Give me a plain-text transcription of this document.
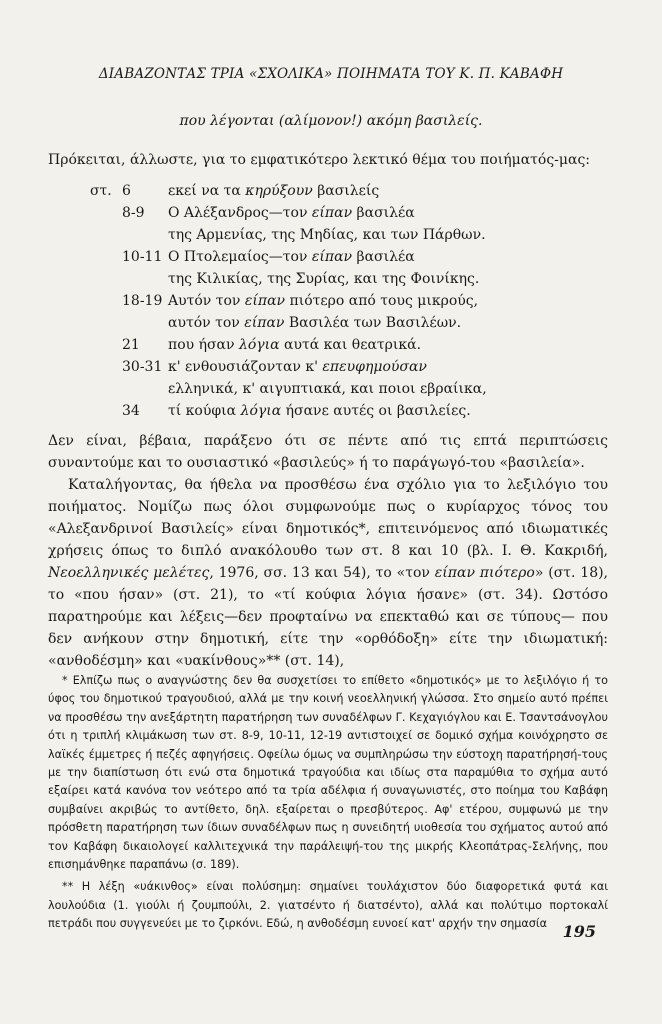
ΔΙΑΒΑΖΟΝΤΑΣ ΤΡΙΑ «ΣΧΟΛΙΚΑ» ΠΟΙΗΜΑΤΑ ΤΟΥ Κ. Π. ΚΑΒΑΦΗ
που λέγονται (αλίμονον!) ακόμη βασιλείς.
Πρόκειται, άλλωστε, για το εμφατικότερο λεκτικό θέμα του ποιήματός-μας:
στ. 6	εκεί να τα κηρύξουν βασιλείς
8-9	Ο Αλέξανδρος—τον είπαν βασιλέα
της Αρμενίας, της Μηδίας, και των Πάρθων.
10-11 Ο Πτολεμαίος—τον είπαν βασιλέα
της Κιλικίας, της Συρίας, και της Φοινίκης.
18-19 Αυτόν τον είπαν πιότερο από τους μικρούς,
αυτόν τον είπαν Βασιλέα των Βασιλέων.
21	που ήσαν λόγια αυτά και θεατρικά.
30-31 κ' ενθουσιάζονταν κ' επευφημούσαν
ελληνικά, κ' αιγυπτιακά, και ποιοι εβραίικα,
34	τί κούφια λόγια ήσανε αυτές οι βασιλείες.

Δεν είναι, βέβαια, παράξενο ότι σε πέντε από τις επτά περιπτώσεις συναντούμε και το ουσιαστικό «βασιλεύς» ή το παράγωγό-του «βασιλεία».

Καταλήγοντας, θα ήθελα να προσθέσω ένα σχόλιο για το λεξιλόγιο του ποιήματος. Νομίζω πως όλοι συμφωνούμε πως ο κυρίαρχος τόνος του «Αλεξανδρινοί Βασιλείς» είναι δημοτικός*, επιτεινόμενος από ιδιωματικές χρήσεις όπως το διπλό ανακόλουθο των στ. 8 και 10 (βλ. Ι. Θ. Κακριδή, Νεοελληνικές μελέτες, 1976, σσ. 13 και 54), το «τον είπαν πιότερο» (στ. 18), το «που ήσαν» (στ. 21), το «τί κούφια λόγια ήσανε» (στ. 34). Ωστόσο παρατηρούμε και λέξεις—δεν προφταίνω να επεκταθώ και σε τύπους— που δεν ανήκουν στην δημοτική, είτε την «ορθόδοξη» είτε την ιδιωματική: «ανθοδέσμη» και «υακίνθους»** (στ. 14),

* Ελπίζω πως ο αναγνώστης δεν θα συσχετίσει το επίθετο «δημοτικός» με το λεξιλόγιο ή το ύφος του δημοτικού τραγουδιού, αλλά με την κοινή νεοελληνική γλώσσα. Στο σημείο αυτό πρέπει να προσθέσω την ανεξάρτητη παρατήρηση των συναδέλφων Γ. Κεχαγιόγλου και Ε. Τσαντσάνογλου ότι η τριπλή κλιμάκωση των στ. 8-9, 10-11, 12-19 αντιστοιχεί σε δομικό σχήμα κοινόχρηστο σε λαϊκές έμμετρες ή πεζές αφηγήσεις. Οφείλω όμως να συμπληρώσω την εύστοχη παρατήρησή-τους με την διαπίστωση ότι ενώ στα δημοτικά τραγούδια και ιδίως στα παραμύθια το σχήμα αυτό εξαίρει κατά κανόνα τον νεότερο από τα τρία αδέλφια ή συναγωνιστές, στο ποίημα του Καβάφη συμβαίνει ακριβώς το αντίθετο, δηλ. εξαίρεται ο πρεσβύτερος. Αφ' ετέρου, συμφωνώ με την πρόσθετη παρατήρηση των ίδιων συναδέλφων πως η συνειδητή υιοθεσία του σχήματος αυτού από τον Καβάφη δικαιολογεί καλλιτεχνικά την παράλειψή-του της μικρής Κλεοπάτρας-Σελήνης, που επισημάνθηκε παραπάνω (σ. 189).

** Η λέξη «υάκινθος» είναι πολύσημη: σημαίνει τουλάχιστον δύο διαφορετικά φυτά και λουλούδια (1. γιούλι ή ζουμπούλι, 2. γιατσέντο ή διατσέντο), αλλά και πολύτιμο πορτοκαλί πετράδι που συγγενεύει με το ζιρκόνι. Εδώ, η ανθοδέσμη ευνοεί κατ' αρχήν την σημασία 195
